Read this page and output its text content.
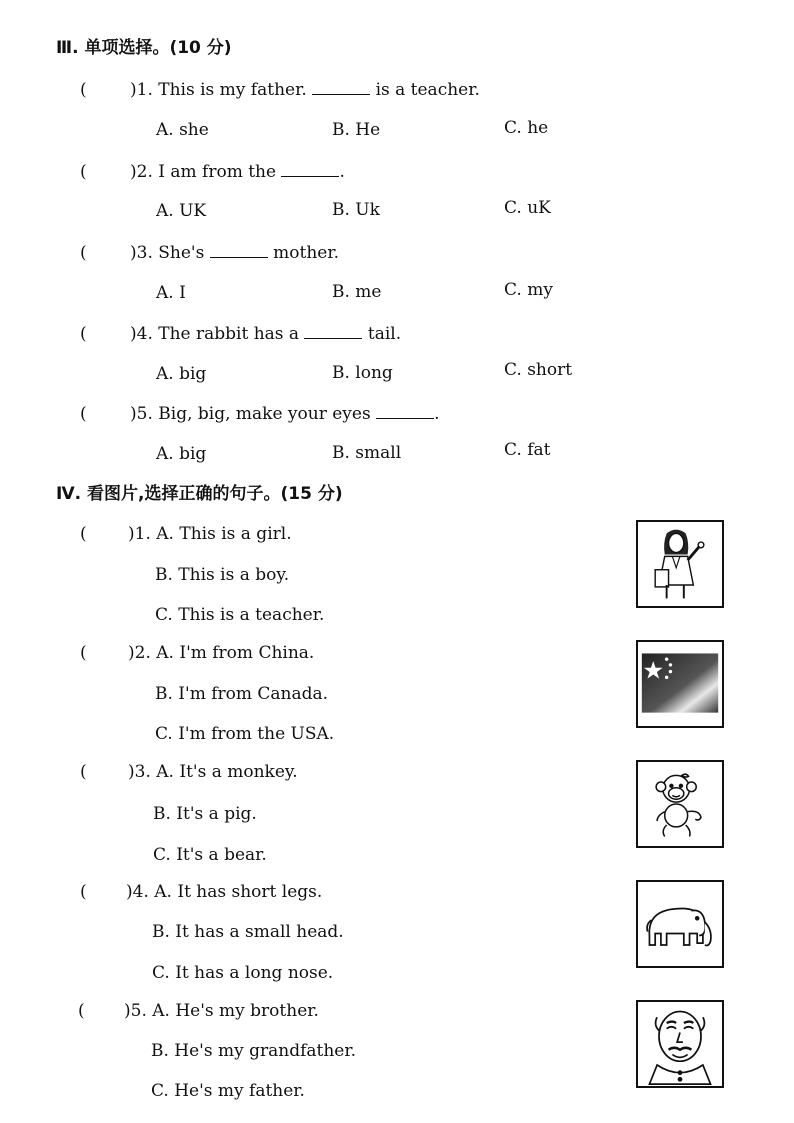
Ⅲ. 单项选择。(10 分)
(	)1. This is my father.	is a teacher.
A. she	B. He	C. he
(	)2. I am from the	.
A. UK	B. Uk	C. uK
(	)3. She's	mother.
A. I	B. me	C. my
(	)4. The rabbit has a	tail.
A. big	B. long	C. short
(	)5. Big, big, make your eyes	.
A. big	B. small	C. fat
Ⅳ. 看图片,选择正确的句子。(15 分)
( )1. A. This is a girl.
B. This is a boy.
C. This is a teacher.
( )2. A. I'm from China.
B. I'm from Canada.
C. I'm from the USA.
( )3. A. It's a monkey.
B. It's a pig.
C. It's a bear.
( )4. A. It has short legs.
B. It has a small head.
C. It has a long nose.
( )5. A. He's my brother.
B. He's my grandfather.
C. He's my father.
